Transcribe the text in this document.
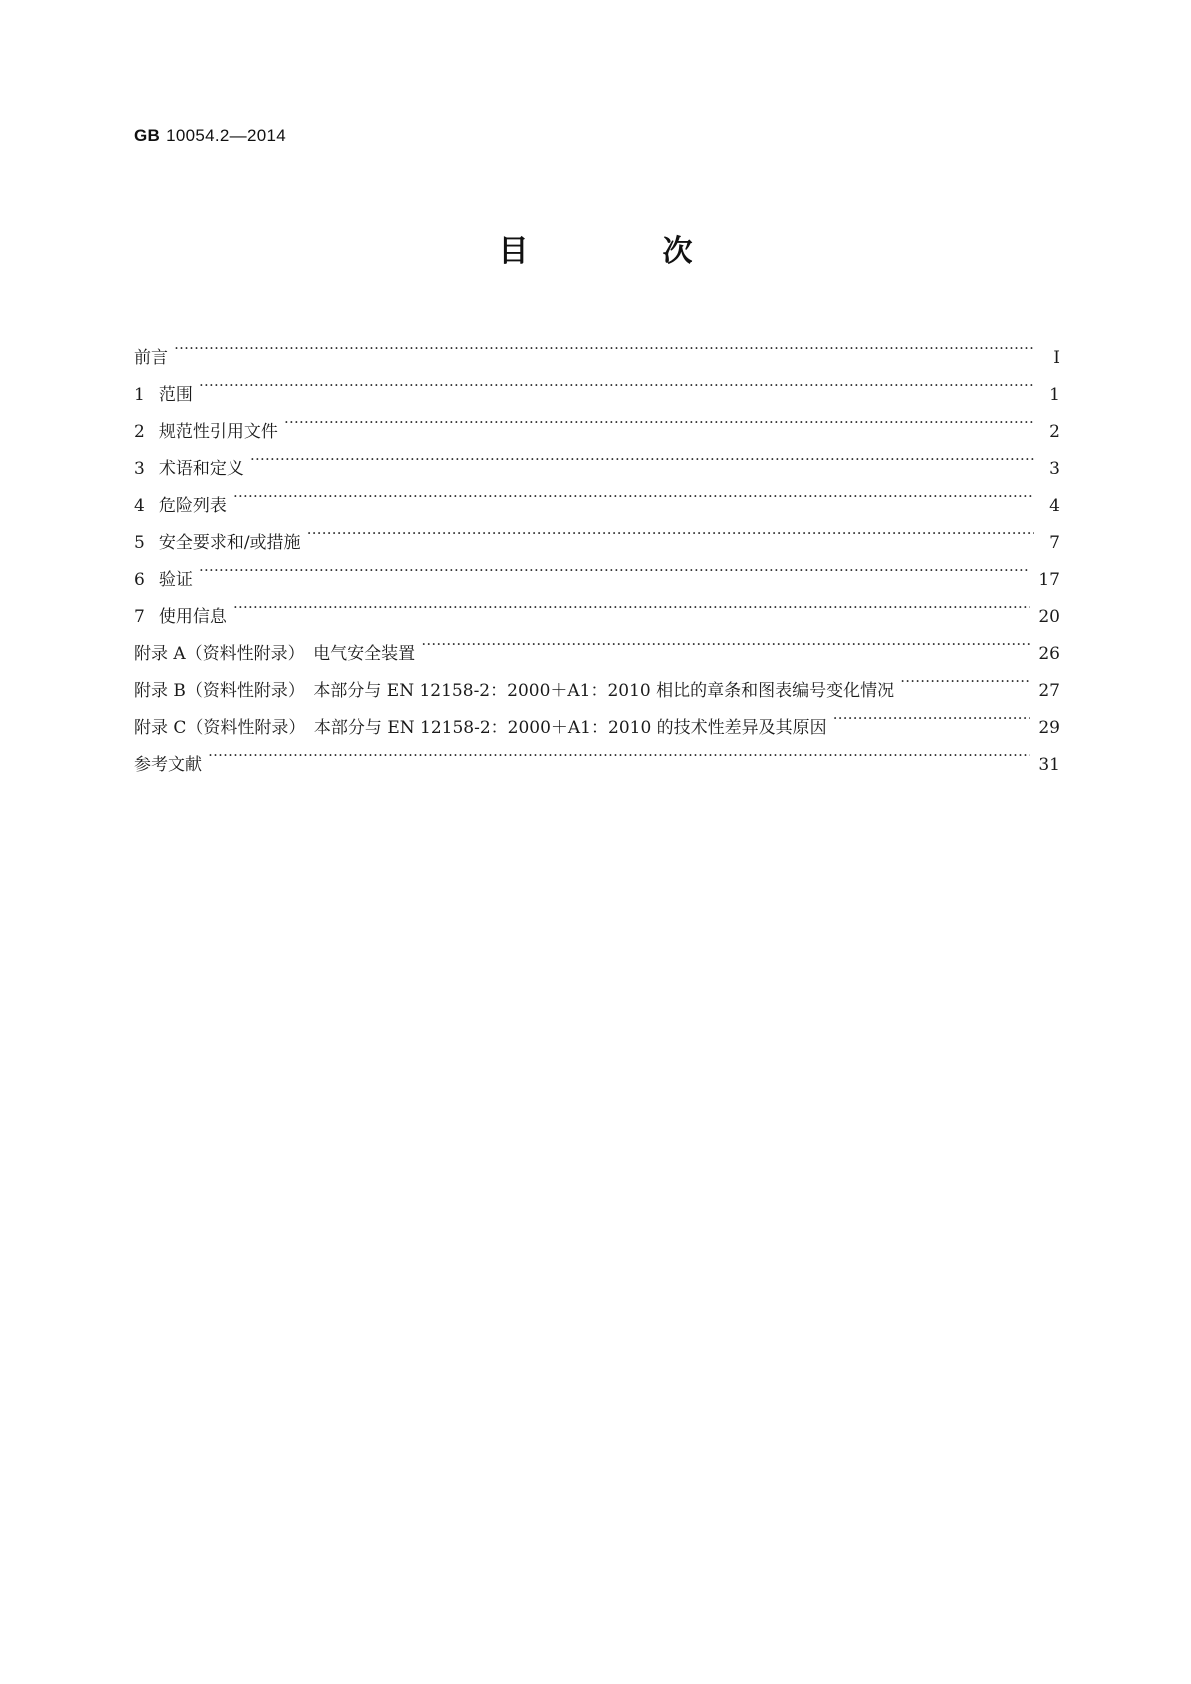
GB 10054.2—2014
目　次
前言 …………………………………………………………………………………………………………………………………………………………………………………………………………………………………………………………………………	Ⅰ
1 范围 …………………………………………………………………………………………………………………………………………………………………………………………………………………………………………………………………………	1
2 规范性引用文件 …………………………………………………………………………………………………………………………………………………………………………………………………………………………………………………………………………	2
3 术语和定义 …………………………………………………………………………………………………………………………………………………………………………………………………………………………………………………………………………	3
4 危险列表 …………………………………………………………………………………………………………………………………………………………………………………………………………………………………………………………………………	4
5 安全要求和/或措施 …………………………………………………………………………………………………………………………………………………………………………………………………………………………………………………………………………	7
6 验证 …………………………………………………………………………………………………………………………………………………………………………………………………………………………………………………………………………	17
7 使用信息 …………………………………………………………………………………………………………………………………………………………………………………………………………………………………………………………………………	20
附录 A（资料性附录）　电气安全装置 …………………………………………………………………………………………………………………………………………………………………………………………………………………………………………………………………………	26
附录 B（资料性附录）　本部分与 EN 12158-2：2000＋A1：2010 相比的章条和图表编号变化情况 …………………………………………………………………………………………………………………………………………………………………………………………………………………………………………………………………………	27
附录 C（资料性附录）　本部分与 EN 12158-2：2000＋A1：2010 的技术性差异及其原因 …………………………………………………………………………………………………………………………………………………………………………………………………………………………………………………………………………	29
参考文献 …………………………………………………………………………………………………………………………………………………………………………………………………………………………………………………………………………	31
